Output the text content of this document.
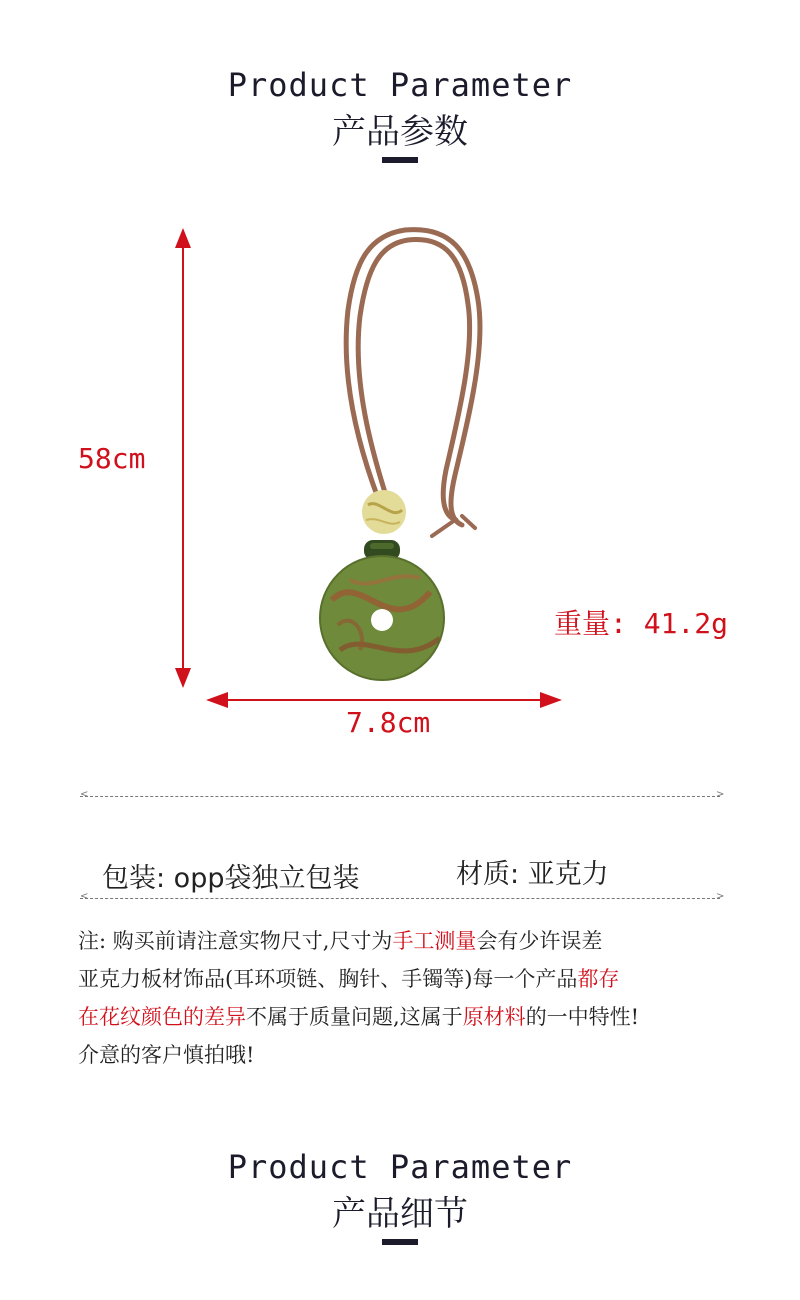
Product Parameter
产品参数
58cm
7.8cm
重量: 41.2g
<	>
包装: opp袋独立包装	材质: 亚克力
<	>
注: 购买前请注意实物尺寸,尺寸为手工测量会有少许误差
亚克力板材饰品(耳环项链、胸针、手镯等)每一个产品都存
在花纹颜色的差异不属于质量问题,这属于原材料的一中特性!
介意的客户慎拍哦!
Product Parameter
产品细节
